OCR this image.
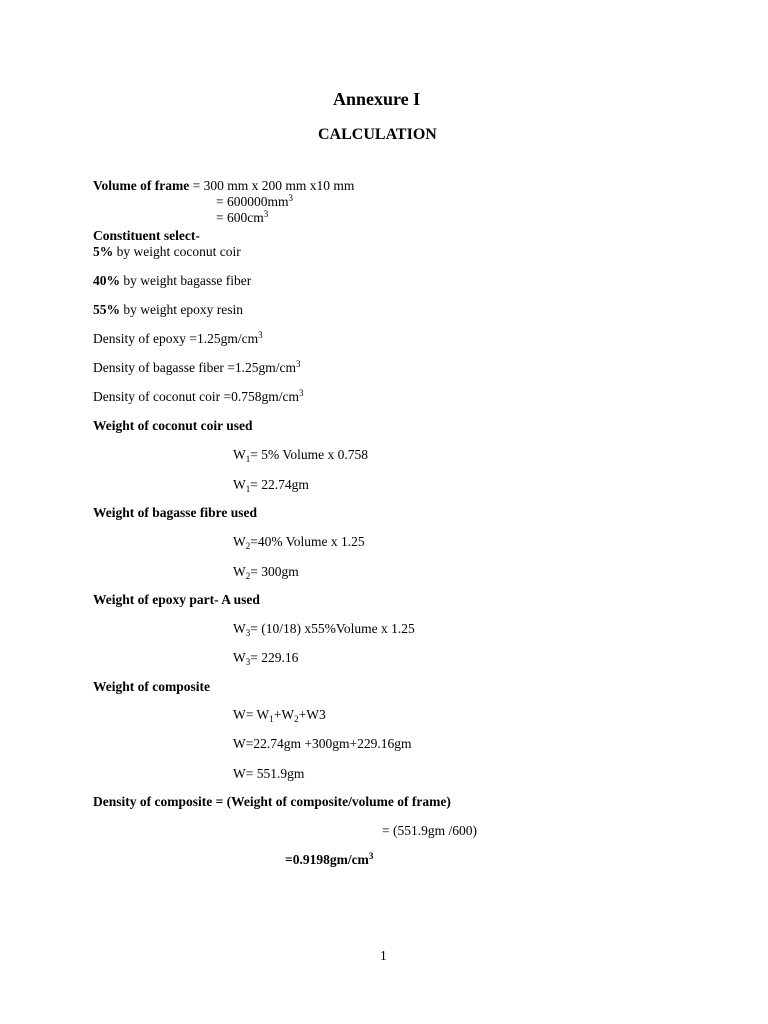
Annexure I
CALCULATION
Volume of frame = 300 mm x 200 mm x10 mm
= $600000mm^3$
= $600cm^3$
Constituent select-
5% by weight coconut coir
40% by weight bagasse fiber
55% by weight epoxy resin
Density of epoxy $=1.25gm/cm^3$
Density of bagasse fiber $=1.25gm/cm^3$
Density of coconut coir $=0.758gm/cm^3$
Weight of coconut coir used
$W_1= 5\%$ Volume x 0.758
$W_1= 22.74gm$
Weight of bagasse fibre used
$W_2=40\%$ Volume x 1.25
$W_2= 300gm$
Weight of epoxy part- A used
$W_3= (10/18)$ x55%Volume x 1.25
$W_3= 229.16$
Weight of composite
$W= W_1+W_2+W3$
W=22.74gm +300gm+229.16gm
W= 551.9gm
Density of composite = (Weight of composite/volume of frame)
= (551.9gm /600)
$=0.9198gm/cm^3$
1
